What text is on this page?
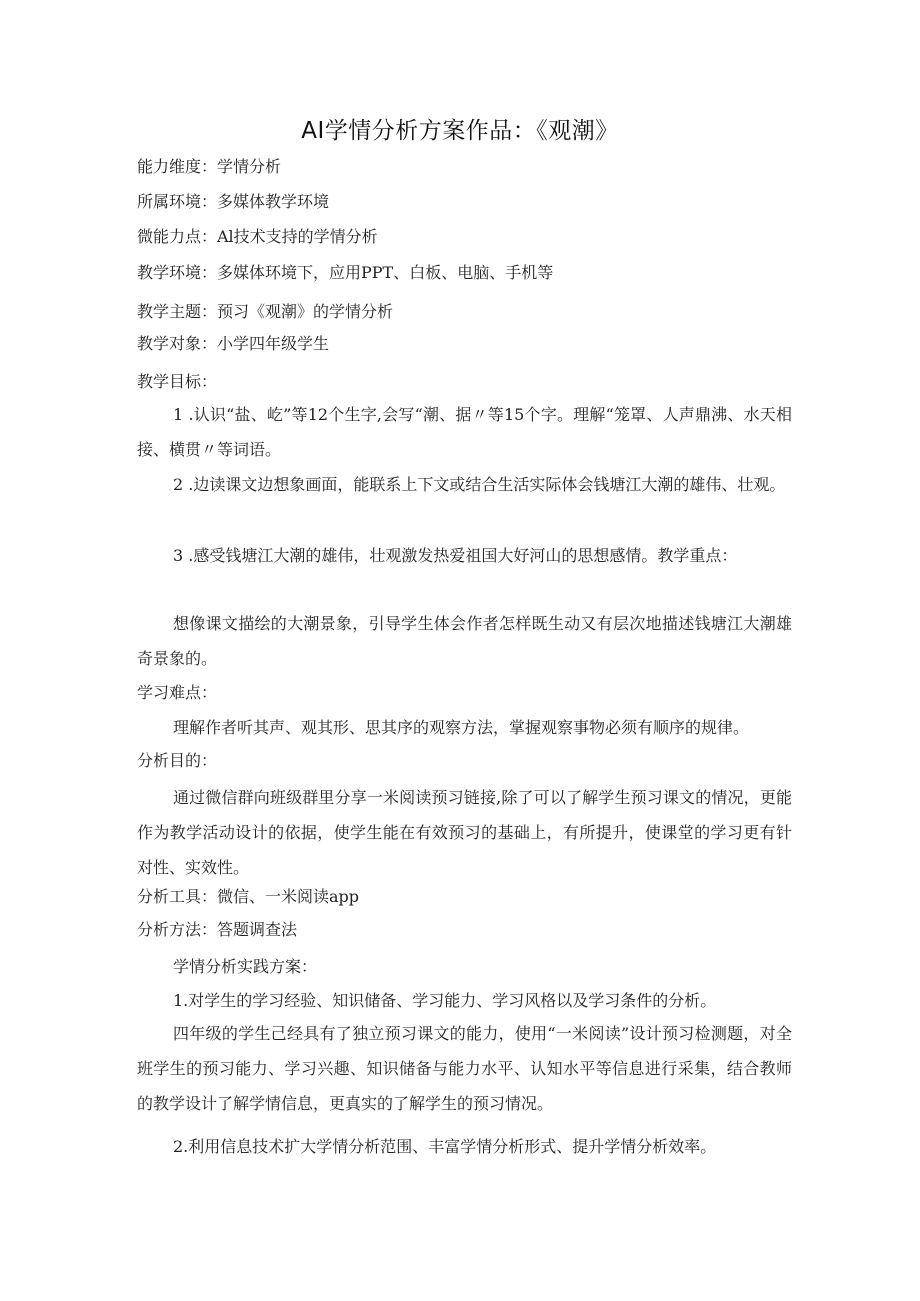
AI学情分析方案作品：《观潮》
能力维度：学情分析
所属环境：多媒体教学环境
微能力点：Al技术支持的学情分析
教学环境：多媒体环境下，应用PPT、白板、电脑、手机等
教学主题：预习《观潮》的学情分析
教学对象：小学四年级学生
教学目标：
1 .认识“盐、屹”等12个生字,会写“潮、据〃等15个字。理解“笼罩、人声鼎沸、水天相接、横贯〃等词语。
2 .边读课文边想象画面，能联系上下文或结合生活实际体会钱塘江大潮的雄伟、壮观。
3 .感受钱塘江大潮的雄伟，壮观激发热爱祖国大好河山的思想感情。教学重点：
想像课文描绘的大潮景象，引导学生体会作者怎样既生动又有层次地描述钱塘江大潮雄奇景象的。
学习难点：
理解作者听其声、观其形、思其序的观察方法，掌握观察事物必须有顺序的规律。
分析目的：
通过微信群向班级群里分享一米阅读预习链接,除了可以了解学生预习课文的情况，更能作为教学活动设计的依据，使学生能在有效预习的基础上，有所提升，使课堂的学习更有针对性、实效性。
分析工具：微信、一米阅读app
分析方法：答题调查法
学情分析实践方案：
1.对学生的学习经验、知识储备、学习能力、学习风格以及学习条件的分析。
四年级的学生己经具有了独立预习课文的能力，使用“一米阅读”设计预习检测题，对全班学生的预习能力、学习兴趣、知识储备与能力水平、认知水平等信息进行采集，结合教师的教学设计了解学情信息，更真实的了解学生的预习情况。
2.利用信息技术扩大学情分析范围、丰富学情分析形式、提升学情分析效率。
